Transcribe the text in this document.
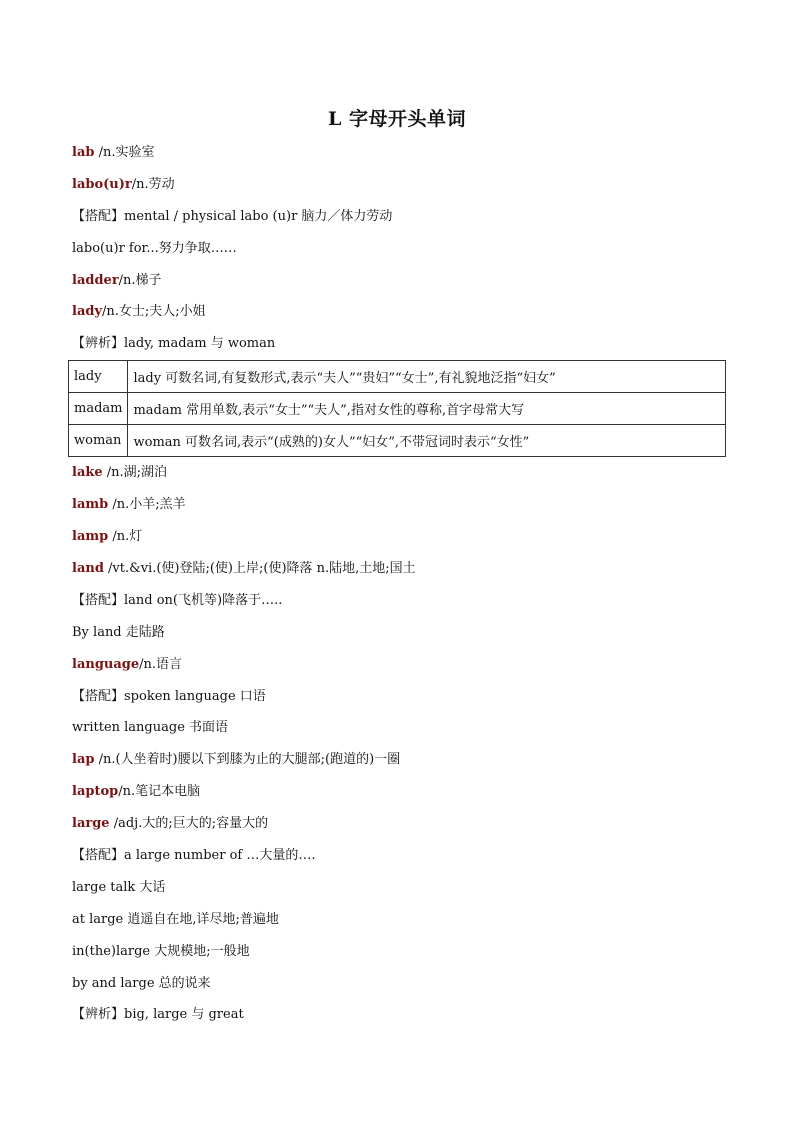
L 字母开头单词
lab /n.实验室
labo(u)r/n.劳动
【搭配】mental / physical labo (u)r 脑力／体力劳动
labo(u)r for...努力争取……
ladder/n.梯子
lady/n.女士;夫人;小姐
【辨析】lady, madam 与 woman
lady	lady 可数名词,有复数形式,表示“夫人”“贵妇”“女士”,有礼貌地泛指“妇女”
madam	madam 常用单数,表示“女士”“夫人”,指对女性的尊称,首字母常大写
woman	woman 可数名词,表示“(成熟的)女人”“妇女”,不带冠词时表示“女性”
lake /n.湖;湖泊
lamb /n.小羊;羔羊
lamp /n.灯
land /vt.&vi.(使)登陆;(使)上岸;(使)降落 n.陆地,土地;国土
【搭配】land on(飞机等)降落于…..
By land 走陆路
language/n.语言
【搭配】spoken language 口语
written language 书面语
lap /n.(人坐着时)腰以下到膝为止的大腿部;(跑道的)一圈
laptop/n.笔记本电脑
large /adj.大的;巨大的;容量大的
【搭配】a large number of …大量的….
large talk 大话
at large 逍遥自在地,详尽地;普遍地
in(the)large 大规模地;一般地
by and large 总的说来
【辨析】big, large 与 great
